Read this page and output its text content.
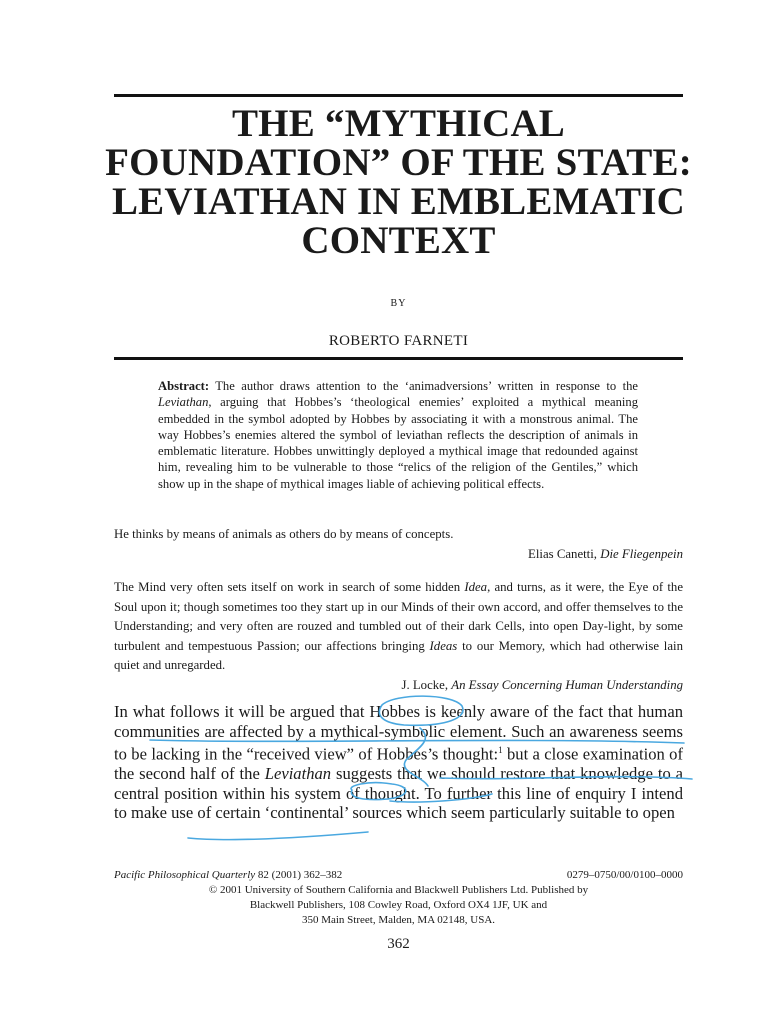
THE “MYTHICAL FOUNDATION” OF THE STATE: LEVIATHAN IN EMBLEMATIC CONTEXT
BY
ROBERTO FARNETI

Abstract: The author draws attention to the ‘animadversions’ written in response to the Leviathan, arguing that Hobbes’s ‘theological enemies’ exploited a mythical meaning embedded in the symbol adopted by Hobbes by associating it with a monstrous animal. The way Hobbes’s enemies altered the symbol of leviathan reflects the description of animals in emblematic literature. Hobbes unwittingly deployed a mythical image that redounded against him, revealing him to be vulnerable to those “relics of the religion of the Gentiles,” which show up in the shape of mythical images liable of achieving political effects.

He thinks by means of animals as others do by means of concepts.
Elias Canetti, Die Fliegenpein
The Mind very often sets itself on work in search of some hidden Idea, and turns, as it were, the Eye of the Soul upon it; though sometimes too they start up in our Minds of their own accord, and offer themselves to the Understanding; and very often are rouzed and tumbled out of their dark Cells, into open Day-light, by some turbulent and tempestuous Passion; our affections bringing Ideas to our Memory, which had otherwise lain quiet and unregarded.
J. Locke, An Essay Concerning Human Understanding

In what follows it will be argued that Hobbes is keenly aware of the fact that human communities are affected by a mythical-symbolic element. Such an awareness seems to be lacking in the “received view” of Hobbes’s thought:$^1$ but a close examination of the second half of the Leviathan suggests that we should restore that knowledge to a central position within his system of thought. To further this line of enquiry I intend to make use of certain ‘continental’ sources which seem particularly suitable to open

Pacific Philosophical Quarterly 82 (2001) 362–382	0279–0750/00/0100–0000
© 2001 University of Southern California and Blackwell Publishers Ltd. Published by
Blackwell Publishers, 108 Cowley Road, Oxford OX4 1JF, UK and
350 Main Street, Malden, MA 02148, USA.
362
